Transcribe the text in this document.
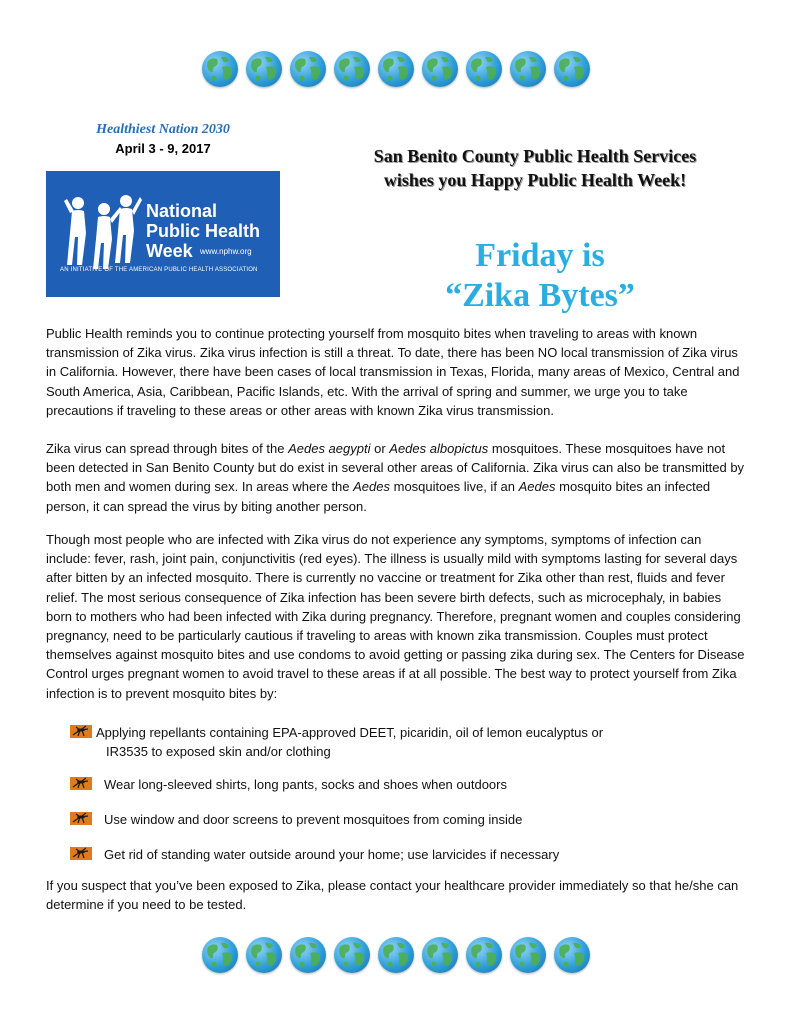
Healthiest Nation 2030
April 3 - 9, 2017
National
Public Health
Week www.nphw.org
AN INITIATIVE OF THE AMERICAN PUBLIC HEALTH ASSOCIATION
San Benito County Public Health Services
wishes you Happy Public Health Week!
Friday is
“Zika Bytes”
Public Health reminds you to continue protecting yourself from mosquito bites when traveling to areas with known transmission of Zika virus. Zika virus infection is still a threat. To date, there has been NO local transmission of Zika virus in California. However, there have been cases of local transmission in Texas, Florida, many areas of Mexico, Central and South America, Asia, Caribbean, Pacific Islands, etc. With the arrival of spring and summer, we urge you to take precautions if traveling to these areas or other areas with known Zika virus transmission.
Zika virus can spread through bites of the Aedes aegypti or Aedes albopictus mosquitoes. These mosquitoes have not been detected in San Benito County but do exist in several other areas of California. Zika virus can also be transmitted by both men and women during sex. In areas where the Aedes mosquitoes live, if an Aedes mosquito bites an infected person, it can spread the virus by biting another person.
Though most people who are infected with Zika virus do not experience any symptoms, symptoms of infection can include: fever, rash, joint pain, conjunctivitis (red eyes). The illness is usually mild with symptoms lasting for several days after bitten by an infected mosquito. There is currently no vaccine or treatment for Zika other than rest, fluids and fever relief. The most serious consequence of Zika infection has been severe birth defects, such as microcephaly, in babies born to mothers who had been infected with Zika during pregnancy. Therefore, pregnant women and couples considering pregnancy, need to be particularly cautious if traveling to areas with known zika transmission. Couples must protect themselves against mosquito bites and use condoms to avoid getting or passing zika during sex. The Centers for Disease Control urges pregnant women to avoid travel to these areas if at all possible. The best way to protect yourself from Zika infection is to prevent mosquito bites by:
Applying repellants containing EPA-approved DEET, picaridin, oil of lemon eucalyptus or
IR3535 to exposed skin and/or clothing
Wear long-sleeved shirts, long pants, socks and shoes when outdoors
Use window and door screens to prevent mosquitoes from coming inside
Get rid of standing water outside around your home; use larvicides if necessary
If you suspect that you’ve been exposed to Zika, please contact your healthcare provider immediately so that he/she can determine if you need to be tested.
